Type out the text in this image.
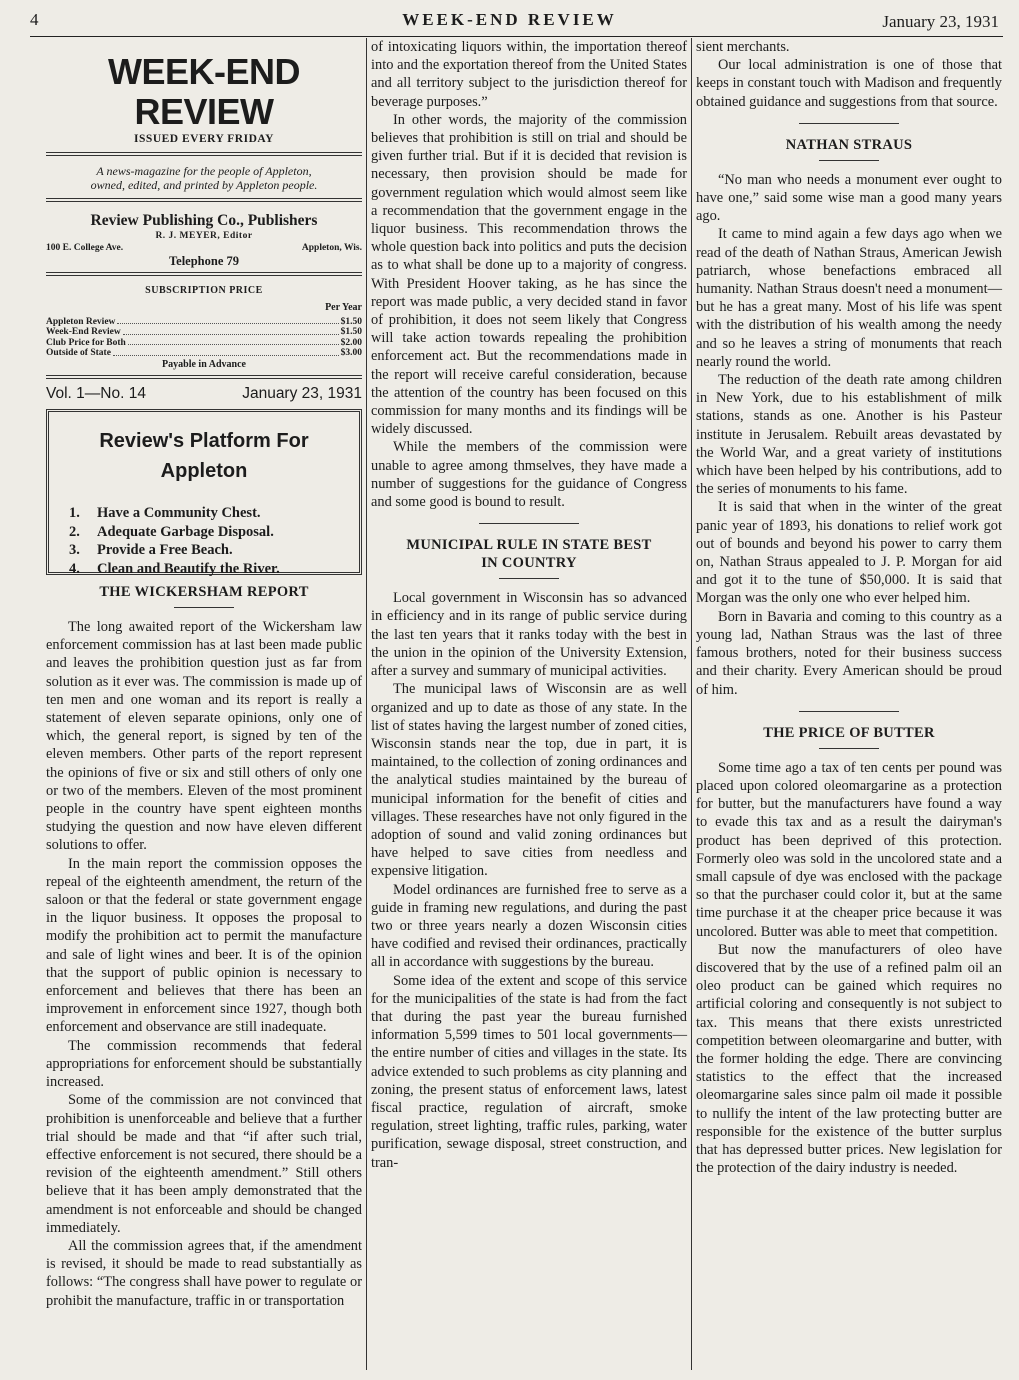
4	WEEK-END REVIEW	January 23, 1931
WEEK-END REVIEW
ISSUED EVERY FRIDAY
A news-magazine for the people of Appleton,
owned, edited, and printed by Appleton people.
Review Publishing Co., Publishers
R. J. MEYER, Editor
100 E. College Ave.	Appleton, Wis.
Telephone 79
SUBSCRIPTION PRICE
Per Year
Appleton Review	$1.50
Week-End Review	$1.50
Club Price for Both	$2.00
Outside of State	$3.00
Payable in Advance
Vol. 1—No. 14	January 23, 1931
Review's Platform For
Appleton
1. Have a Community Chest.
2. Adequate Garbage Disposal.
3. Provide a Free Beach.
4. Clean and Beautify the River.
THE WICKERSHAM REPORT

The long awaited report of the Wickersham law enforcement commission has at last been made public and leaves the prohibition question just as far from solution as it ever was. The commission is made up of ten men and one woman and its report is really a statement of eleven separate opinions, only one of which, the general report, is signed by ten of the eleven members. Other parts of the report represent the opinions of five or six and still others of only one or two of the members. Eleven of the most prominent people in the country have spent eighteen months studying the question and now have eleven different solutions to offer.

In the main report the commission opposes the repeal of the eighteenth amendment, the return of the saloon or that the federal or state government engage in the liquor business. It opposes the proposal to modify the prohibition act to permit the manufacture and sale of light wines and beer. It is of the opinion that the support of public opinion is necessary to enforcement and believes that there has been an improvement in enforcement since 1927, though both enforcement and observance are still inadequate.

The commission recommends that federal appropriations for enforcement should be substantially increased.

Some of the commission are not convinced that prohibition is unenforceable and believe that a further trial should be made and that “if after such trial, effective enforcement is not secured, there should be a revision of the eighteenth amendment.” Still others believe that it has been amply demonstrated that the amendment is not enforceable and should be changed immediately.

All the commission agrees that, if the amendment is revised, it should be made to read substantially as follows: “The congress shall have power to regulate or prohibit the manufacture, traffic in or transportation

of intoxicating liquors within, the importation thereof into and the exportation thereof from the United States and all territory subject to the jurisdiction thereof for beverage purposes.”

In other words, the majority of the commission believes that prohibition is still on trial and should be given further trial. But if it is decided that revision is necessary, then provision should be made for government regulation which would almost seem like a recommendation that the government engage in the liquor business. This recommendation throws the whole question back into politics and puts the decision as to what shall be done up to a majority of congress. With President Hoover taking, as he has since the report was made public, a very decided stand in favor of prohibition, it does not seem likely that Congress will take action towards repealing the prohibition enforcement act. But the recommendations made in the report will receive careful consideration, because the attention of the country has been focused on this commission for many months and its findings will be widely discussed.

While the members of the commission were unable to agree among thmselves, they have made a number of suggestions for the guidance of Congress and some good is bound to result.

MUNICIPAL RULE IN STATE BEST
IN COUNTRY

Local government in Wisconsin has so advanced in efficiency and in its range of public service during the last ten years that it ranks today with the best in the union in the opinion of the University Extension, after a survey and summary of municipal activities.

The municipal laws of Wisconsin are as well organized and up to date as those of any state. In the list of states having the largest number of zoned cities, Wisconsin stands near the top, due in part, it is maintained, to the collection of zoning ordinances and the analytical studies maintained by the bureau of municipal information for the benefit of cities and villages. These researches have not only figured in the adoption of sound and valid zoning ordinances but have helped to save cities from needless and expensive litigation.

Model ordinances are furnished free to serve as a guide in framing new regulations, and during the past two or three years nearly a dozen Wisconsin cities have codified and revised their ordinances, practically all in accordance with suggestions by the bureau.

Some idea of the extent and scope of this service for the municipalities of the state is had from the fact that during the past year the bureau furnished information 5,599 times to 501 local governments—the entire number of cities and villages in the state. Its advice extended to such problems as city planning and zoning, the present status of enforcement laws, latest fiscal practice, regulation of aircraft, smoke regulation, street lighting, traffic rules, parking, water purification, sewage disposal, street construction, and tran-

sient merchants.

Our local administration is one of those that keeps in constant touch with Madison and frequently obtained guidance and suggestions from that source.

NATHAN STRAUS

“No man who needs a monument ever ought to have one,” said some wise man a good many years ago.

It came to mind again a few days ago when we read of the death of Nathan Straus, American Jewish patriarch, whose benefactions embraced all humanity. Nathan Straus doesn't need a monument—but he has a great many. Most of his life was spent with the distribution of his wealth among the needy and so he leaves a string of monuments that reach nearly round the world.

The reduction of the death rate among children in New York, due to his establishment of milk stations, stands as one. Another is his Pasteur institute in Jerusalem. Rebuilt areas devastated by the World War, and a great variety of institutions which have been helped by his contributions, add to the series of monuments to his fame.

It is said that when in the winter of the great panic year of 1893, his donations to relief work got out of bounds and beyond his power to carry them on, Nathan Straus appealed to J. P. Morgan for aid and got it to the tune of $50,000. It is said that Morgan was the only one who ever helped him.

Born in Bavaria and coming to this country as a young lad, Nathan Straus was the last of three famous brothers, noted for their business success and their charity. Every American should be proud of him.

THE PRICE OF BUTTER

Some time ago a tax of ten cents per pound was placed upon colored oleomargarine as a protection for butter, but the manufacturers have found a way to evade this tax and as a result the dairyman's product has been deprived of this protection. Formerly oleo was sold in the uncolored state and a small capsule of dye was enclosed with the package so that the purchaser could color it, but at the same time purchase it at the cheaper price because it was uncolored. Butter was able to meet that competition.

But now the manufacturers of oleo have discovered that by the use of a refined palm oil an oleo product can be gained which requires no artificial coloring and consequently is not subject to tax. This means that there exists unrestricted competition between oleomargarine and butter, with the former holding the edge. There are convincing statistics to the effect that the increased oleomargarine sales since palm oil made it possible to nullify the intent of the law protecting butter are responsible for the existence of the butter surplus that has depressed butter prices. New legislation for the protection of the dairy industry is needed.
